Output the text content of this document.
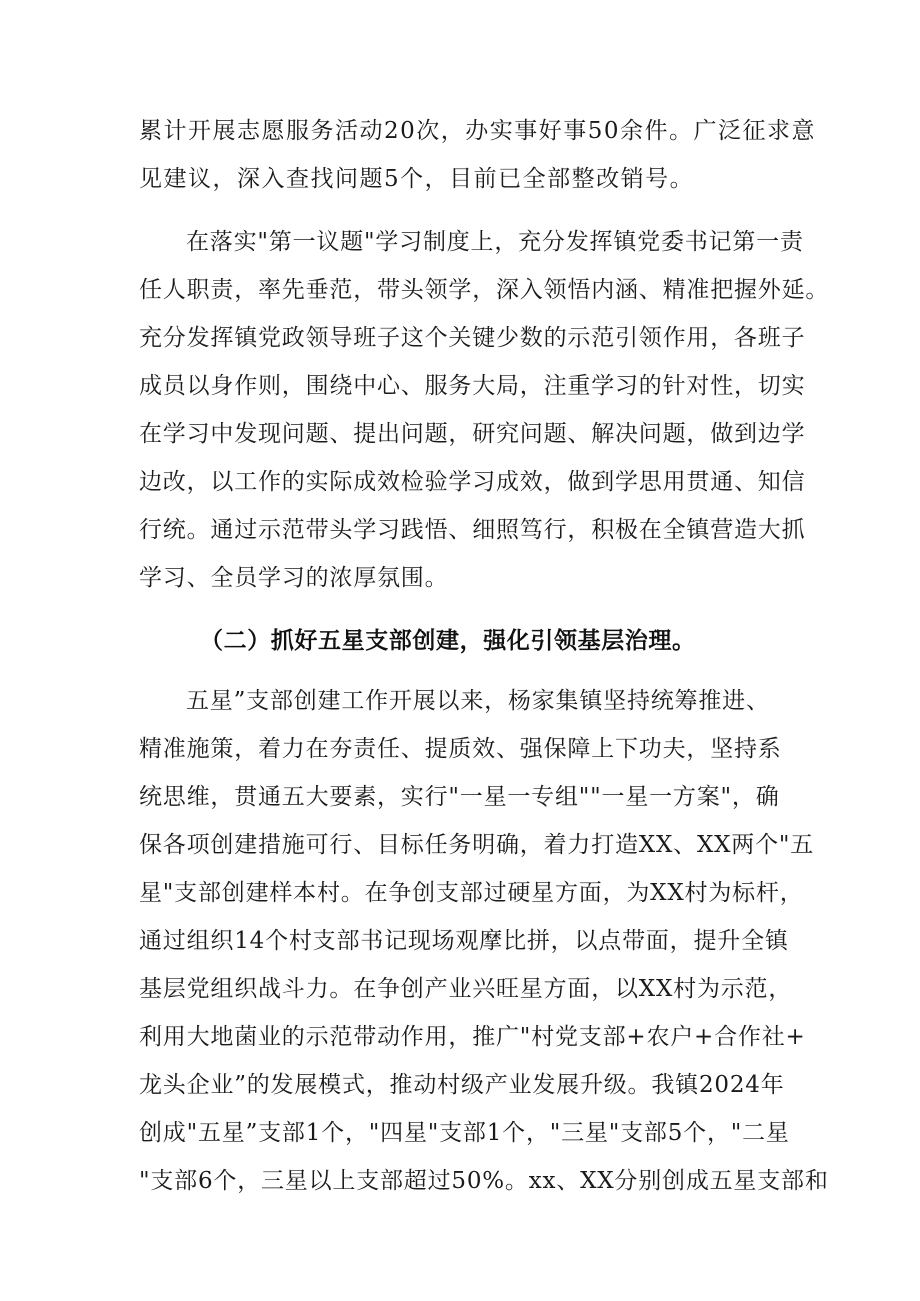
累计开展志愿服务活动20次，办实事好事50余件。广泛征求意
见建议，深入查找问题5个，目前已全部整改销号。
在落实"第一议题"学习制度上，充分发挥镇党委书记第一责
任人职责，率先垂范，带头领学，深入领悟内涵、精准把握外延。
充分发挥镇党政领导班子这个关键少数的示范引领作用，各班子
成员以身作则，围绕中心、服务大局，注重学习的针对性，切实
在学习中发现问题、提出问题，研究问题、解决问题，做到边学
边改，以工作的实际成效检验学习成效，做到学思用贯通、知信
行统。通过示范带头学习践悟、细照笃行，积极在全镇营造大抓
学习、全员学习的浓厚氛围。
（二）抓好五星支部创建，强化引领基层治理。
五星”支部创建工作开展以来，杨家集镇坚持统筹推进、
精准施策，着力在夯责任、提质效、强保障上下功夫，坚持系
统思维，贯通五大要素，实行"一星一专组""一星一方案"，确
保各项创建措施可行、目标任务明确，着力打造XX、XX两个"五
星"支部创建样本村。在争创支部过硬星方面，为XX村为标杆，
通过组织14个村支部书记现场观摩比拼，以点带面，提升全镇
基层党组织战斗力。在争创产业兴旺星方面，以XX村为示范，
利用大地菌业的示范带动作用，推广"村党支部+农户+合作社+
龙头企业”的发展模式，推动村级产业发展升级。我镇2024年
创成"五星”支部1个，"四星"支部1个，"三星"支部5个，"二星
"支部6个，三星以上支部超过50%。xx、XX分别创成五星支部和
